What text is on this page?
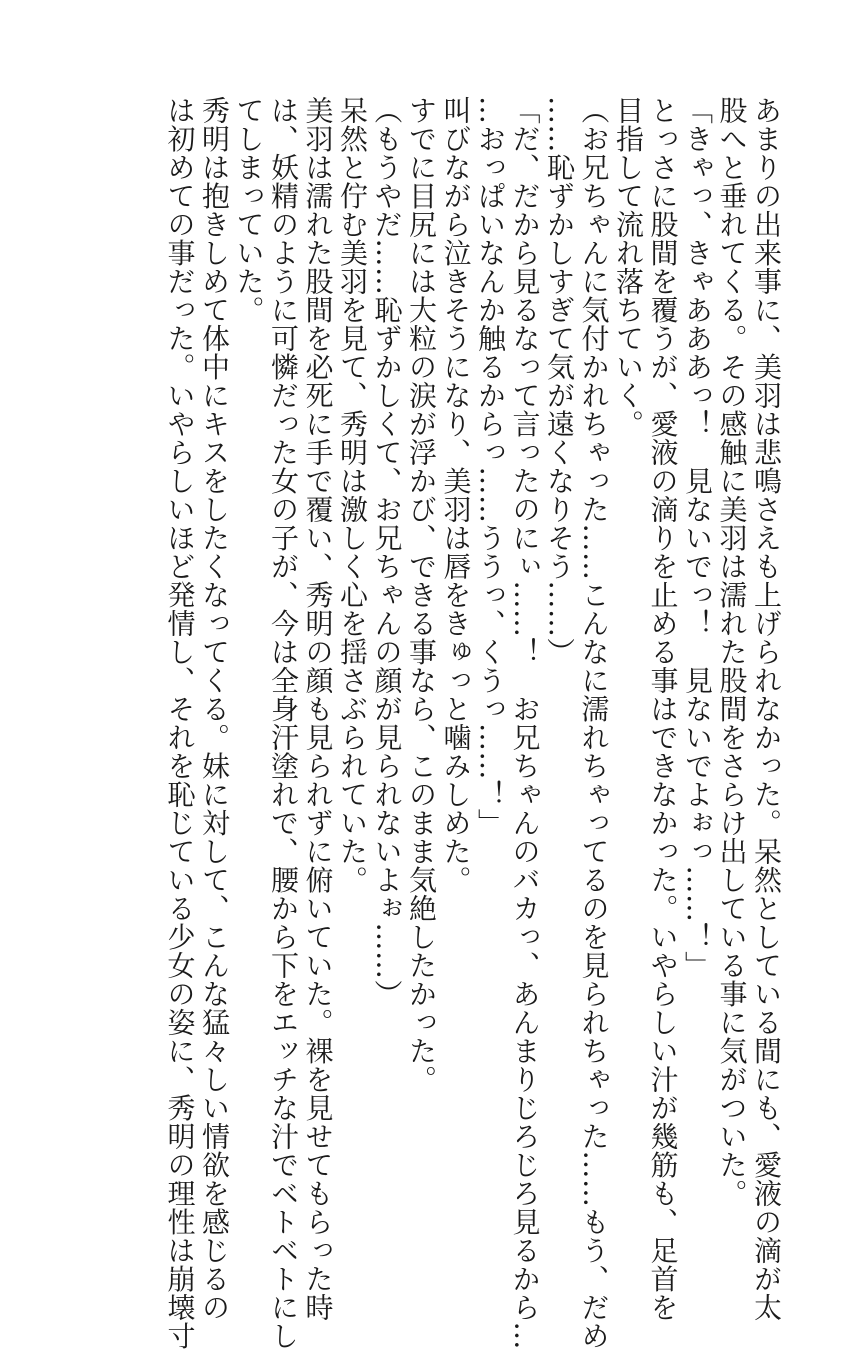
あまりの出来事に、美羽は悲鳴さえも上げられなかった。呆然としている間にも、愛液の滴が太
股へと垂れてくる。その感触に美羽は濡れた股間をさらけ出している事に気がついた。
「きゃっ、きゃあああっ！　見ないでっ！　見ないでよぉっ……！」
とっさに股間を覆うが、愛液の滴りを止める事はできなかった。いやらしい汁が幾筋も、足首を
目指して流れ落ちていく。
（お兄ちゃんに気付かれちゃった……こんなに濡れちゃってるのを見られちゃった……もう、だめ
……恥ずかしすぎて気が遠くなりそう……）
「だ、だから見るなって言ったのにぃ……！　お兄ちゃんのバカっ、あんまりじろじろ見るから…
…おっぱいなんか触るからっ……ううっ、くうっ……！」
叫びながら泣きそうになり、美羽は唇をきゅっと噛みしめた。
すでに目尻には大粒の涙が浮かび、できる事なら、このまま気絶したかった。
（もうやだ……恥ずかしくて、お兄ちゃんの顔が見られないよぉ……）
呆然と佇む美羽を見て、秀明は激しく心を揺さぶられていた。
美羽は濡れた股間を必死に手で覆い、秀明の顔も見られずに俯いていた。裸を見せてもらった時
は、妖精のように可憐だった女の子が、今は全身汗塗れで、腰から下をエッチな汁でベトベトにし
てしまっていた。
秀明は抱きしめて体中にキスをしたくなってくる。妹に対して、こんな猛々しい情欲を感じるの
は初めての事だった。いやらしいほど発情し、それを恥じている少女の姿に、秀明の理性は崩壊寸
